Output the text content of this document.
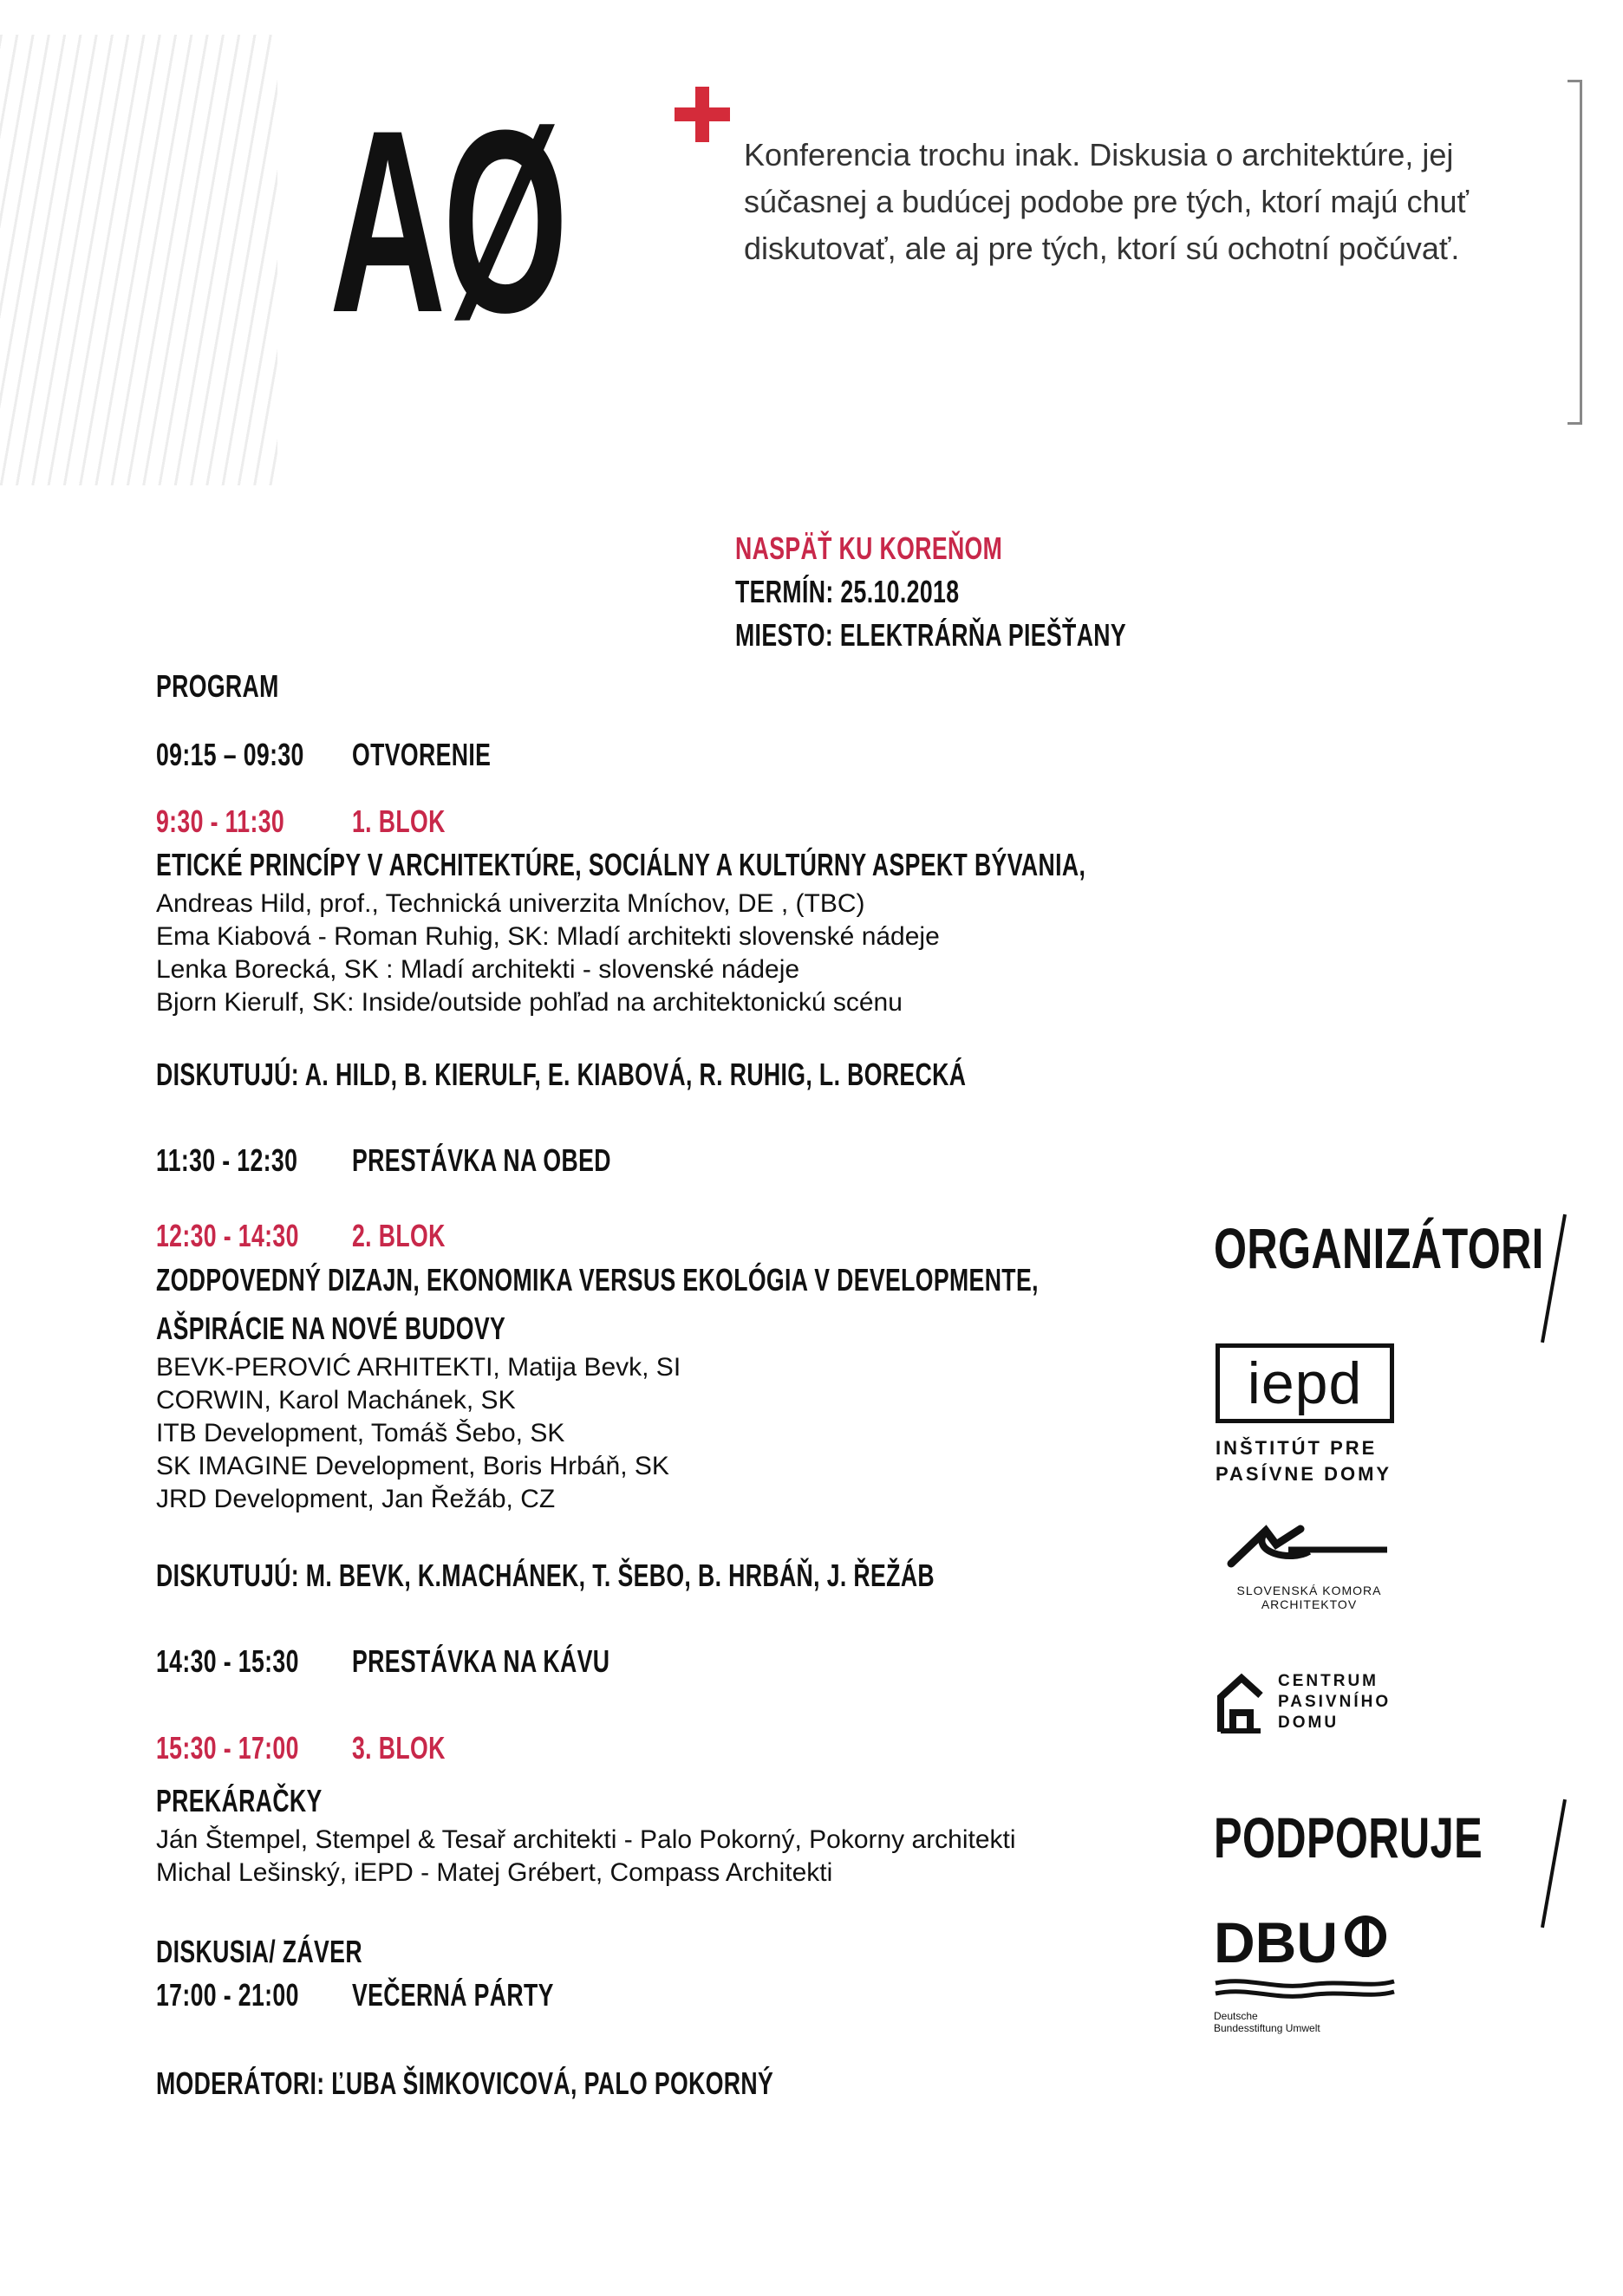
AØ	Konferencia trochu inak. Diskusia o architektúre, jej súčasnej a budúcej podobe pre tých, ktorí majú chuť diskutovať, ale aj pre tých, ktorí sú ochotní počúvať.
NASPÄŤ KU KOREŇOM
TERMÍN: 25.10.2018
MIESTO: ELEKTRÁRŇA PIEŠŤANY
PROGRAM
09:15 – 09:30 OTVORENIE
9:30 - 11:30 1. BLOK
ETICKÉ PRINCÍPY V ARCHITEKTÚRE, SOCIÁLNY A KULTÚRNY ASPEKT BÝVANIA,
Andreas Hild, prof., Technická univerzita Mníchov, DE , (TBC)
Ema Kiabová - Roman Ruhig, SK: Mladí architekti slovenské nádeje
Lenka Borecká, SK : Mladí architekti - slovenské nádeje
Bjorn Kierulf, SK: Inside/outside pohľad na architektonickú scénu
DISKUTUJÚ: A. HILD, B. KIERULF, E. KIABOVÁ, R. RUHIG, L. BORECKÁ
11:30 - 12:30 PRESTÁVKA NA OBED
12:30 - 14:30 2. BLOK
ZODPOVEDNÝ DIZAJN, EKONOMIKA VERSUS EKOLÓGIA V DEVELOPMENTE,
AŠPIRÁCIE NA NOVÉ BUDOVY
BEVK-PEROVIĆ ARHITEKTI, Matija Bevk, SI
CORWIN, Karol Machánek, SK
ITB Development, Tomáš Šebo, SK
SK IMAGINE Development, Boris Hrbáň, SK
JRD Development, Jan Řežáb, CZ
DISKUTUJÚ: M. BEVK, K.MACHÁNEK, T. ŠEBO, B. HRBÁŇ, J. ŘEŽÁB
14:30 - 15:30 PRESTÁVKA NA KÁVU
15:30 - 17:00 3. BLOK
PREKÁRAČKY
Ján Štempel, Stempel & Tesař architekti - Palo Pokorný, Pokorny architekti
Michal Lešinský, iEPD - Matej Grébert, Compass Architekti
DISKUSIA/ ZÁVER
17:00 - 21:00 VEČERNÁ PÁRTY
MODERÁTORI: ĽUBA ŠIMKOVICOVÁ, PALO POKORNÝ
ORGANIZÁTORI
iepd
INŠTITÚT PRE
PASÍVNE DOMY
SLOVENSKÁ KOMORA
ARCHITEKTOV
CENTRUM
PASIVNÍHO
DOMU
PODPORUJE
DBU
Deutsche
Bundesstiftung Umwelt
